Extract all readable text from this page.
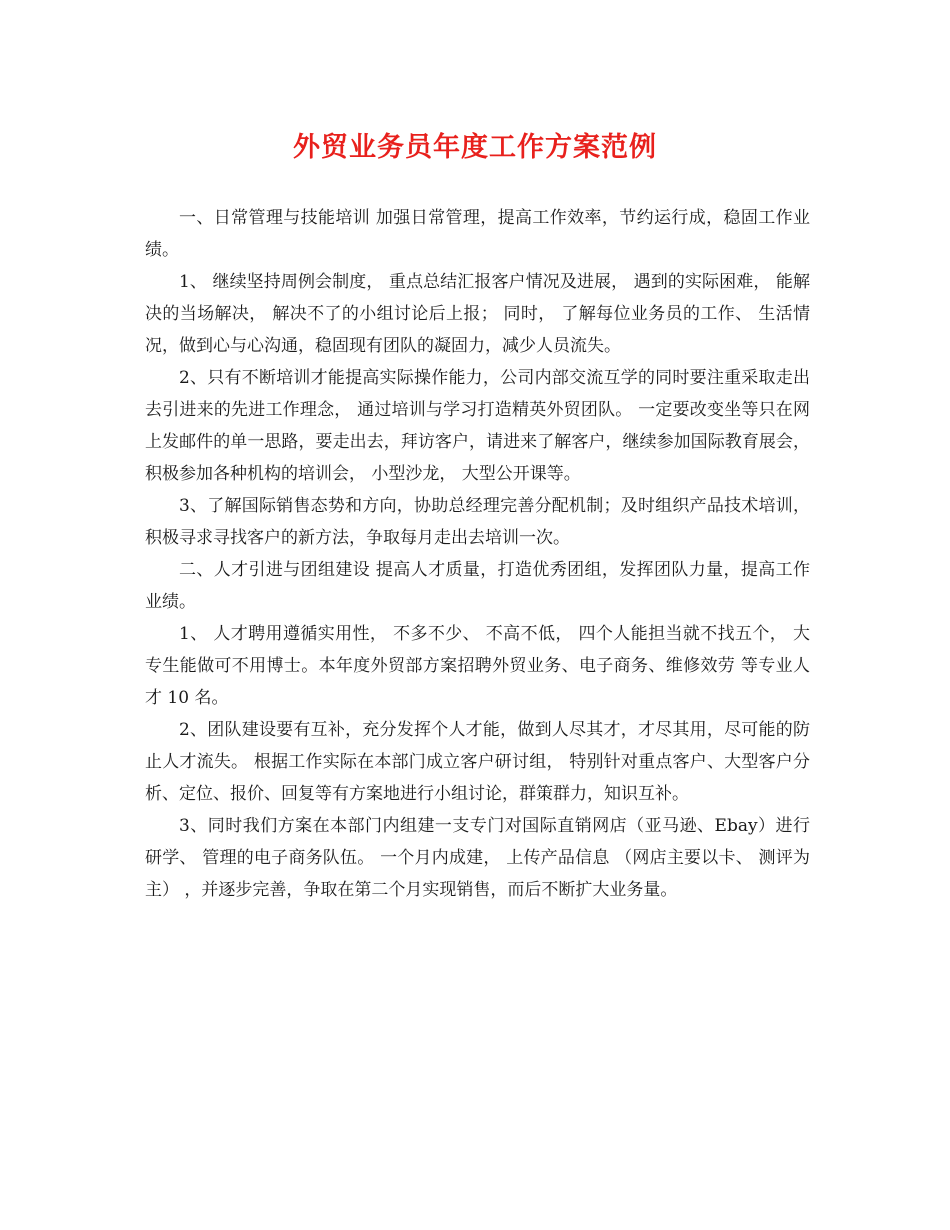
外贸业务员年度工作方案范例

一、日常管理与技能培训 加强日常管理，提高工作效率，节约运行成，稳固工作业绩。

1、 继续坚持周例会制度， 重点总结汇报客户情况及进展， 遇到的实际困难， 能解决的当场解决， 解决不了的小组讨论后上报； 同时， 了解每位业务员的工作、 生活情况，做到心与心沟通，稳固现有团队的凝固力，减少人员流失。

2、只有不断培训才能提高实际操作能力，公司内部交流互学的同时要注重采取走出去引进来的先进工作理念， 通过培训与学习打造精英外贸团队。 一定要改变坐等只在网上发邮件的单一思路，要走出去，拜访客户，请进来了解客户，继续参加国际教育展会， 积极参加各种机构的培训会， 小型沙龙， 大型公开课等。

3、了解国际销售态势和方向，协助总经理完善分配机制；及时组织产品技术培训，积极寻求寻找客户的新方法，争取每月走出去培训一次。

二、人才引进与团组建设 提高人才质量，打造优秀团组，发挥团队力量，提高工作业绩。

1、 人才聘用遵循实用性， 不多不少、 不高不低， 四个人能担当就不找五个， 大专生能做可不用博士。本年度外贸部方案招聘外贸业务、电子商务、维修效劳 等专业人才 10 名。

2、团队建设要有互补，充分发挥个人才能，做到人尽其才，才尽其用，尽可能的防止人才流失。 根据工作实际在本部门成立客户研讨组， 特别针对重点客户、大型客户分析、定位、报价、回复等有方案地进行小组讨论，群策群力，知识互补。

3、同时我们方案在本部门内组建一支专门对国际直销网店（亚马逊、Ebay）进行研学、 管理的电子商务队伍。 一个月内成建， 上传产品信息 （网店主要以卡、 测评为主） ，并逐步完善，争取在第二个月实现销售，而后不断扩大业务量。
